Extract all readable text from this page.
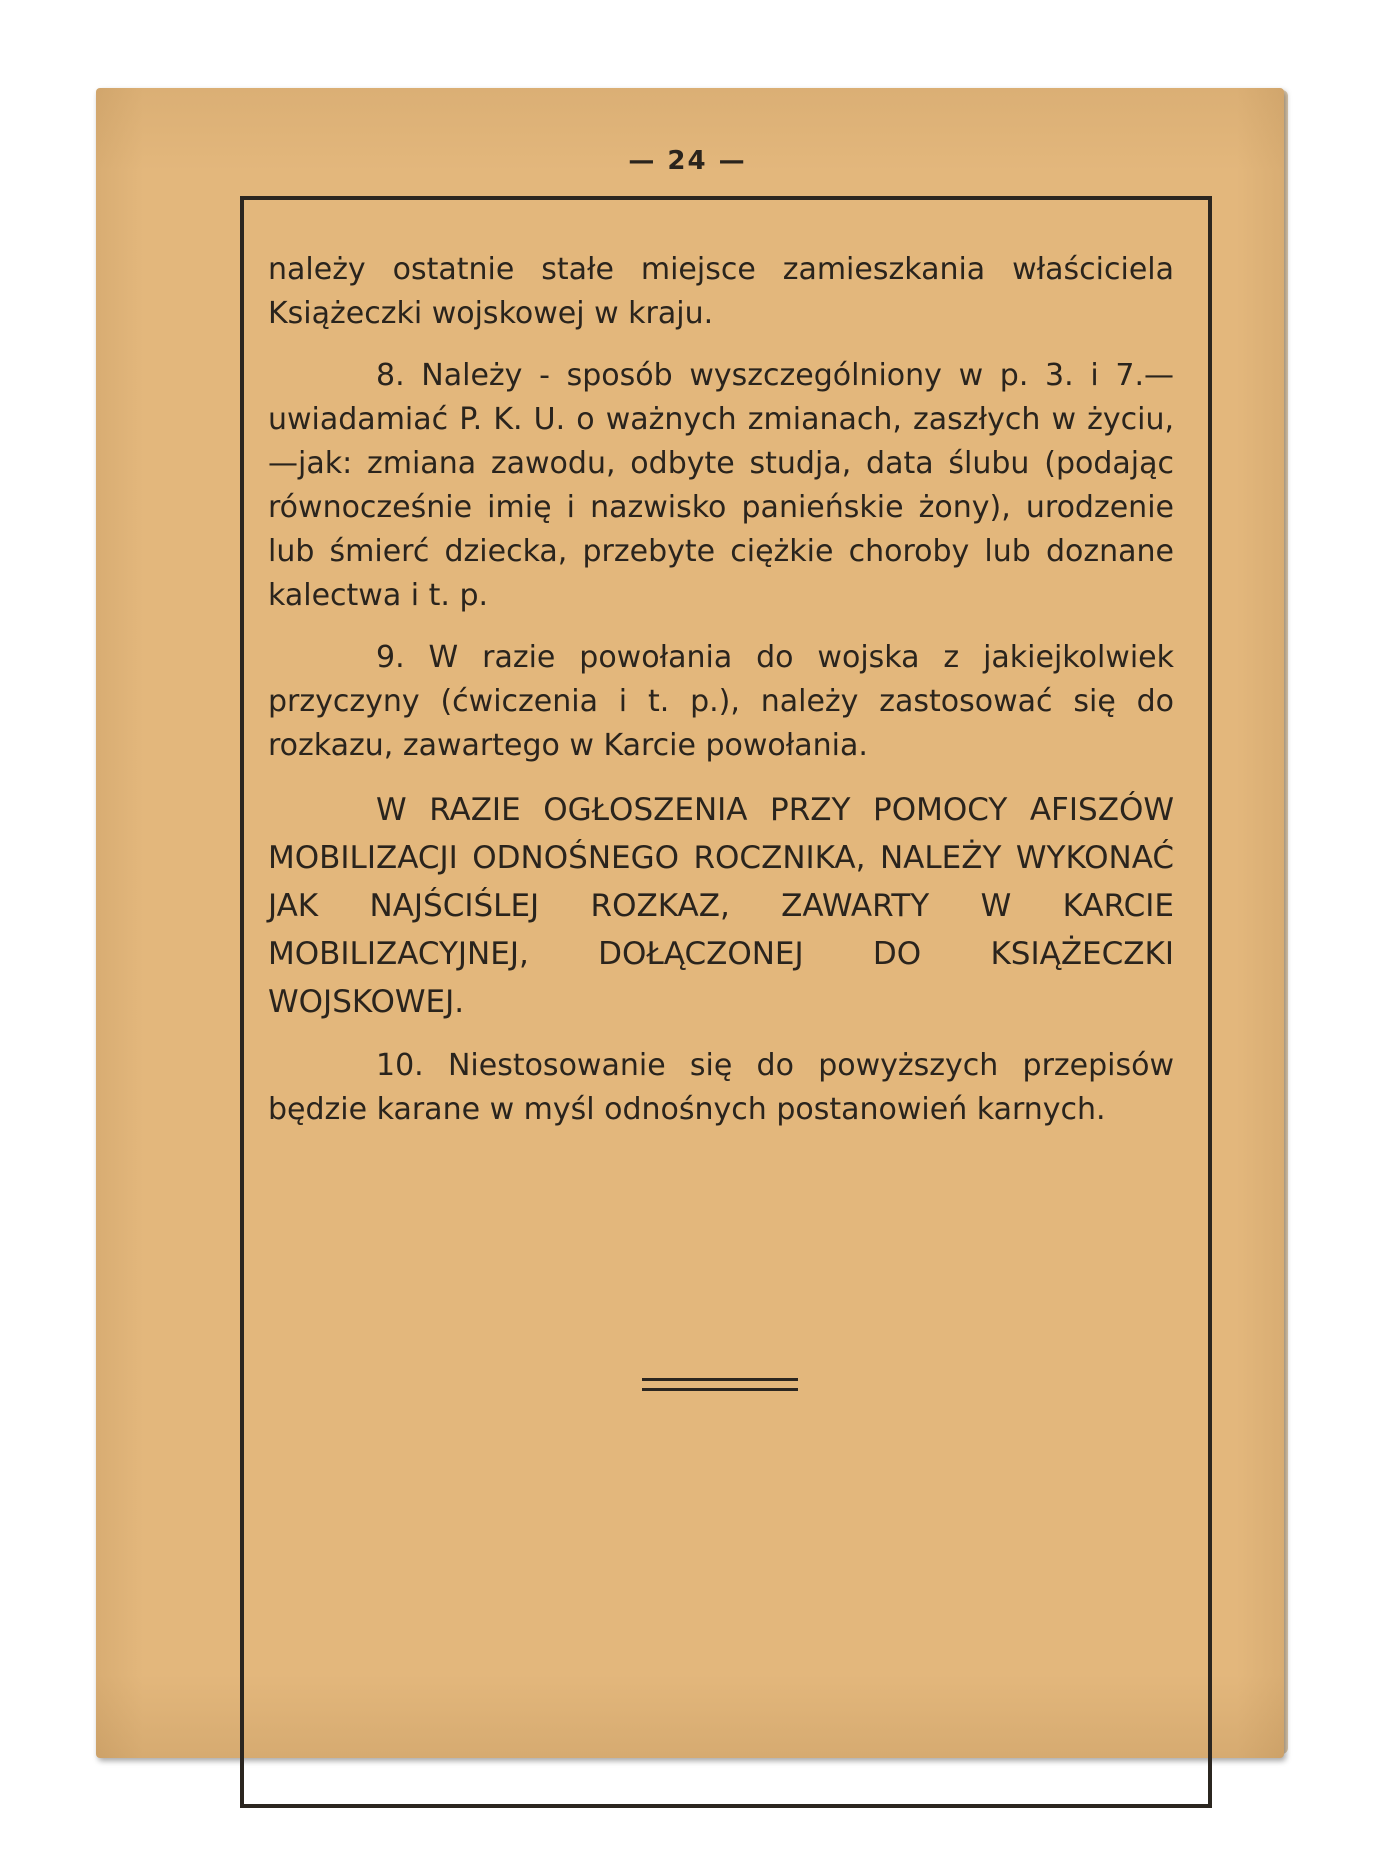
— 24 —

należy ostatnie stałe miejsce zamieszkania właściciela Książeczki wojskowej w kraju.

8. Należy - sposób wyszczególniony w p. 3. i 7.—uwiadamiać P. K. U. o ważnych zmianach, zaszłych w życiu,—jak: zmiana zawodu, odbyte studja, data ślubu (podając równocześnie imię i nazwisko panieńskie żony), urodzenie lub śmierć dziecka, przebyte ciężkie choroby lub doznane kalectwa i t. p.

9. W razie powołania do wojska z jakiejkolwiek przyczyny (ćwiczenia i t. p.), należy zastosować się do rozkazu, zawartego w Karcie powołania.

W RAZIE OGŁOSZENIA PRZY POMOCY AFISZÓW MOBILIZACJI ODNOŚNEGO ROCZNIKA, NALEŻY WYKONAĆ JAK NAJŚCIŚLEJ ROZKAZ, ZAWARTY W KARCIE MOBILIZACYJNEJ, DOŁĄCZONEJ DO KSIĄŻECZKI WOJSKOWEJ.

10. Niestosowanie się do powyższych przepisów będzie karane w myśl odnośnych postanowień karnych.
